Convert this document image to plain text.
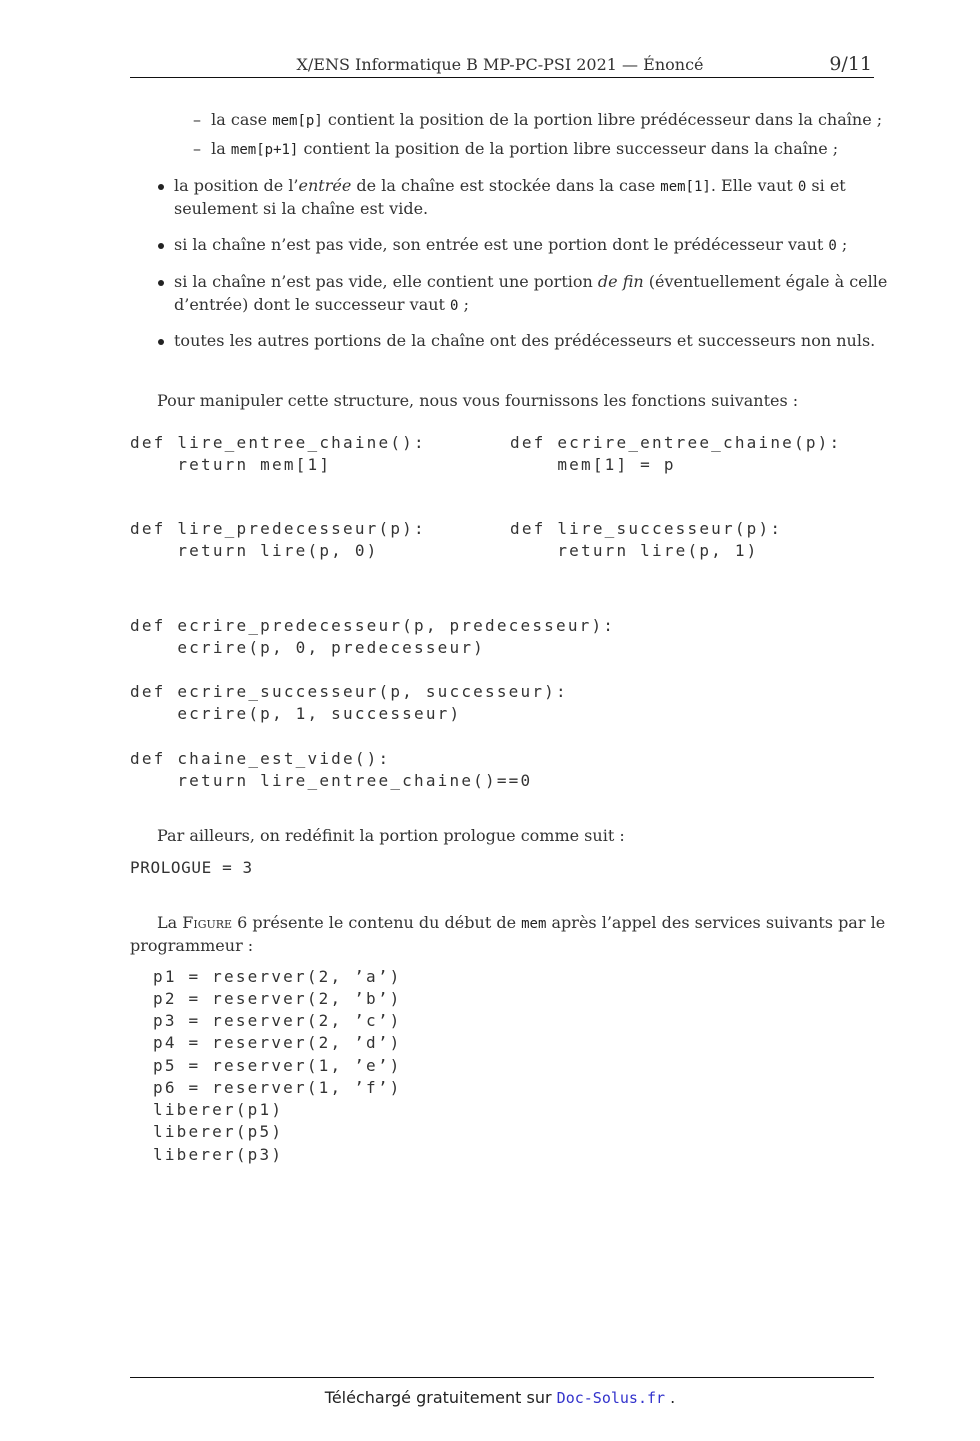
X/ENS Informatique B MP-PC-PSI 2021 — Énoncé	9/11
– la case mem[p] contient la position de la portion libre prédécesseur dans la chaîne ;
– la mem[p+1] contient la position de la portion libre successeur dans la chaîne ;
la position de l’entrée de la chaîne est stockée dans la case mem[1]. Elle vaut 0 si et
seulement si la chaîne est vide.
si la chaîne n’est pas vide, son entrée est une portion dont le prédécesseur vaut 0 ;
si la chaîne n’est pas vide, elle contient une portion de fin (éventuellement égale à celle
d’entrée) dont le successeur vaut 0 ;
toutes les autres portions de la chaîne ont des prédécesseurs et successeurs non nuls.
Pour manipuler cette structure, nous vous fournissons les fonctions suivantes :
def lire_entree_chaine():
return mem[1]
def ecrire_entree_chaine(p):
mem[1] = p
def lire_predecesseur(p):
return lire(p, 0)
def lire_successeur(p):
return lire(p, 1)
def ecrire_predecesseur(p, predecesseur):
ecrire(p, 0, predecesseur)
def ecrire_successeur(p, successeur):
ecrire(p, 1, successeur)
def chaine_est_vide():
return lire_entree_chaine()==0
Par ailleurs, on redéfinit la portion prologue comme suit :
PROLOGUE = 3
La Figure 6 présente le contenu du début de mem après l’appel des services suivants par le
programmeur :
p1 = reserver(2, ’a’)
p2 = reserver(2, ’b’)
p3 = reserver(2, ’c’)
p4 = reserver(2, ’d’)
p5 = reserver(1, ’e’)
p6 = reserver(1, ’f’)
liberer(p1)
liberer(p5)
liberer(p3)
Téléchargé gratuitement sur Doc-Solus.fr .
